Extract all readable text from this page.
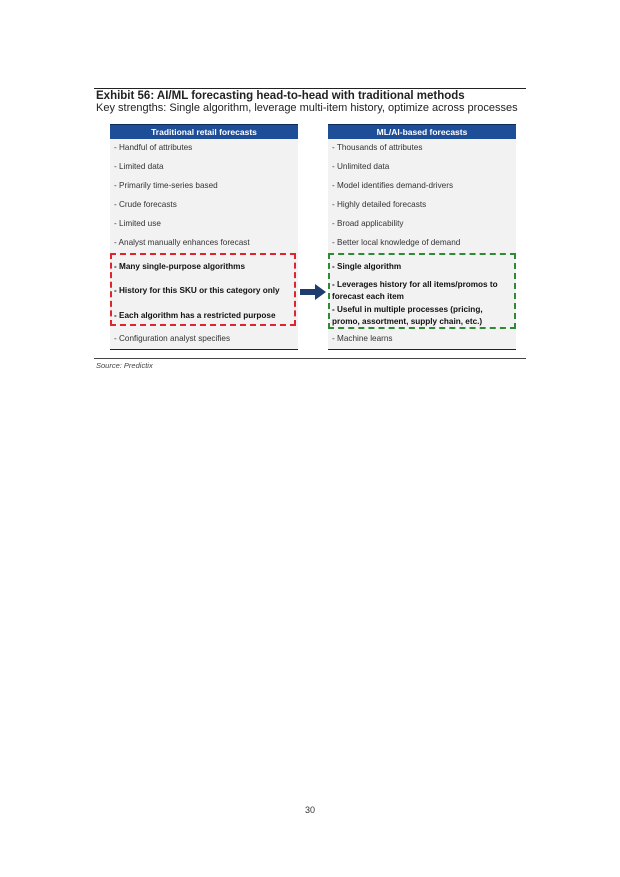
Exhibit 56: AI/ML forecasting head-to-head with traditional methods
Key strengths: Single algorithm, leverage multi-item history, optimize across processes
Traditional retail forecasts
- Handful of attributes
- Limited data
- Primarily time-series based
- Crude forecasts
- Limited use
- Analyst manually enhances forecast
- Many single-purpose algorithms
- History for this SKU or this category only
- Each algorithm has a restricted purpose
- Configuration analyst specifies
ML/AI-based forecasts
- Thousands of attributes
- Unlimited data
- Model identifies demand-drivers
- Highly detailed forecasts
- Broad applicability
- Better local knowledge of demand
- Single algorithm
- Leverages history for all items/promos to
forecast each item
- Useful in multiple processes (pricing,
promo, assortment, supply chain, etc.)
- Machine learns
Source: Predictix
30
